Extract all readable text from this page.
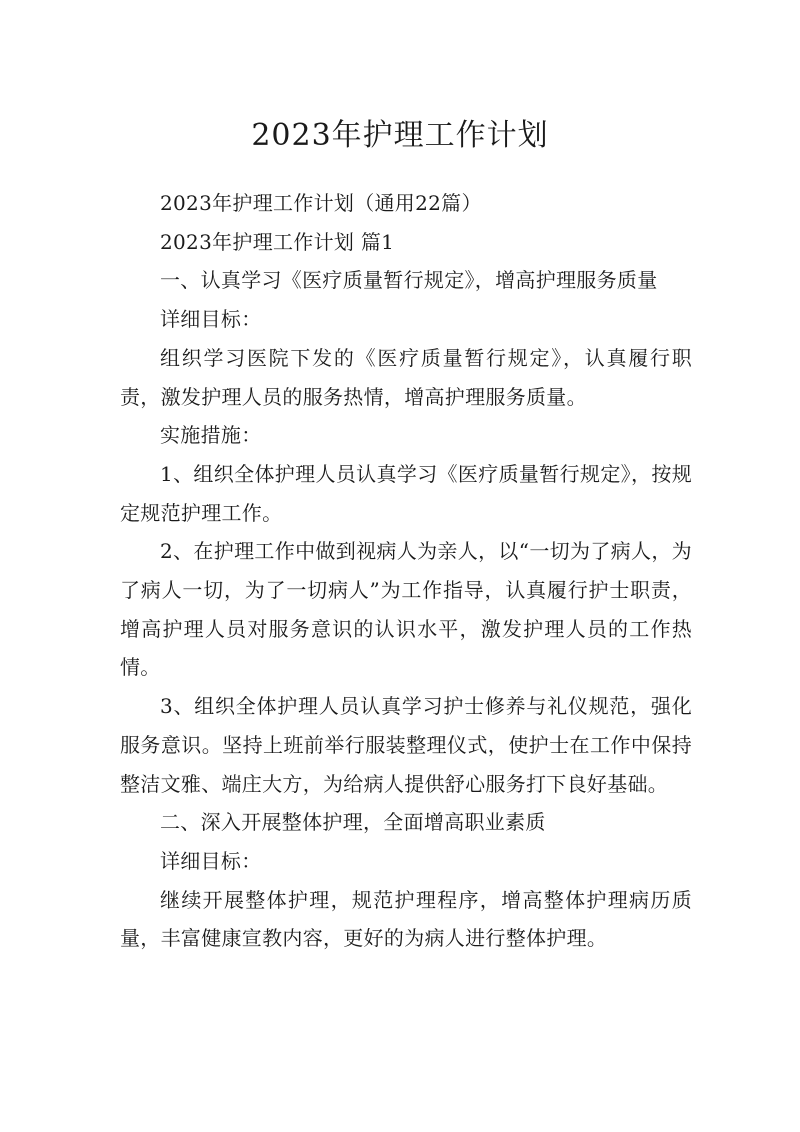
2023年护理工作计划

2023年护理工作计划（通用22篇）

2023年护理工作计划 篇1

一、认真学习《医疗质量暂行规定》，增高护理服务质量

详细目标：

组织学习医院下发的《医疗质量暂行规定》，认真履行职责，激发护理人员的服务热情，增高护理服务质量。

实施措施：

1、组织全体护理人员认真学习《医疗质量暂行规定》，按规定规范护理工作。

2、在护理工作中做到视病人为亲人，以“一切为了病人，为了病人一切，为了一切病人”为工作指导，认真履行护士职责，增高护理人员对服务意识的认识水平，激发护理人员的工作热情。

3、组织全体护理人员认真学习护士修养与礼仪规范，强化服务意识。坚持上班前举行服装整理仪式，使护士在工作中保持整洁文雅、端庄大方，为给病人提供舒心服务打下良好基础。

二、深入开展整体护理，全面增高职业素质

详细目标：

继续开展整体护理，规范护理程序，增高整体护理病历质量，丰富健康宣教内容，更好的为病人进行整体护理。
